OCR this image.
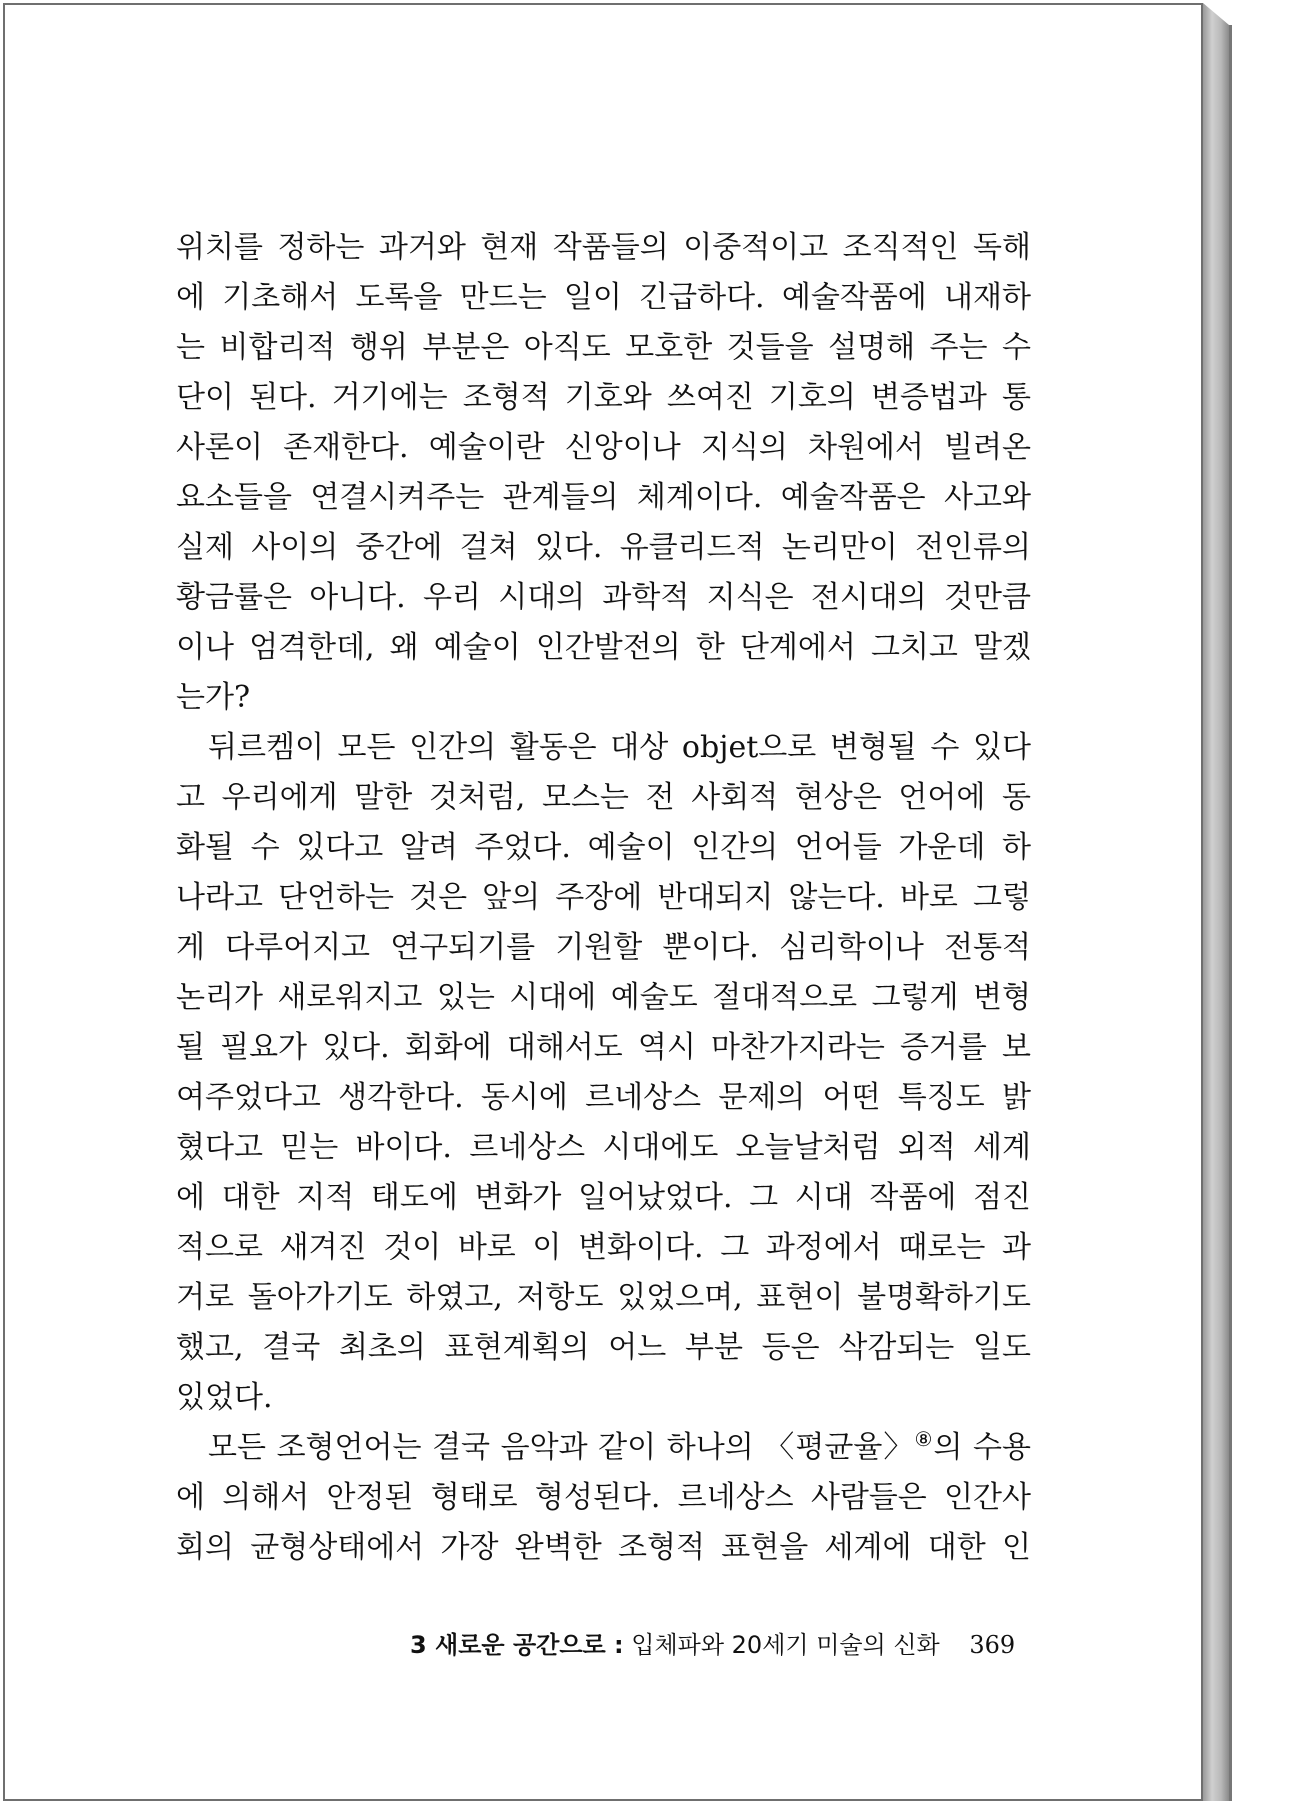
위치를 정하는 과거와 현재 작품들의 이중적이고 조직적인 독해

에 기초해서 도록을 만드는 일이 긴급하다. 예술작품에 내재하

는 비합리적 행위 부분은 아직도 모호한 것들을 설명해 주는 수

단이 된다. 거기에는 조형적 기호와 쓰여진 기호의 변증법과 통

사론이 존재한다. 예술이란 신앙이나 지식의 차원에서 빌려온

요소들을 연결시켜주는 관계들의 체계이다. 예술작품은 사고와

실제 사이의 중간에 걸쳐 있다. 유클리드적 논리만이 전인류의

황금률은 아니다. 우리 시대의 과학적 지식은 전시대의 것만큼

이나 엄격한데, 왜 예술이 인간발전의 한 단계에서 그치고 말겠

는가?

뒤르켐이 모든 인간의 활동은 대상 objet으로 변형될 수 있다

고 우리에게 말한 것처럼, 모스는 전 사회적 현상은 언어에 동

화될 수 있다고 알려 주었다. 예술이 인간의 언어들 가운데 하

나라고 단언하는 것은 앞의 주장에 반대되지 않는다. 바로 그렇

게 다루어지고 연구되기를 기원할 뿐이다. 심리학이나 전통적

논리가 새로워지고 있는 시대에 예술도 절대적으로 그렇게 변형

될 필요가 있다. 회화에 대해서도 역시 마찬가지라는 증거를 보

여주었다고 생각한다. 동시에 르네상스 문제의 어떤 특징도 밝

혔다고 믿는 바이다. 르네상스 시대에도 오늘날처럼 외적 세계

에 대한 지적 태도에 변화가 일어났었다. 그 시대 작품에 점진

적으로 새겨진 것이 바로 이 변화이다. 그 과정에서 때로는 과

거로 돌아가기도 하였고, 저항도 있었으며, 표현이 불명확하기도

했고, 결국 최초의 표현계획의 어느 부분 등은 삭감되는 일도

있었다.

모든 조형언어는 결국 음악과 같이 하나의 〈평균율〉⑧의 수용

에 의해서 안정된 형태로 형성된다. 르네상스 사람들은 인간사

회의 균형상태에서 가장 완벽한 조형적 표현을 세계에 대한 인

3 새로운 공간으로 : 입체파와 20세기 미술의 신화 369
